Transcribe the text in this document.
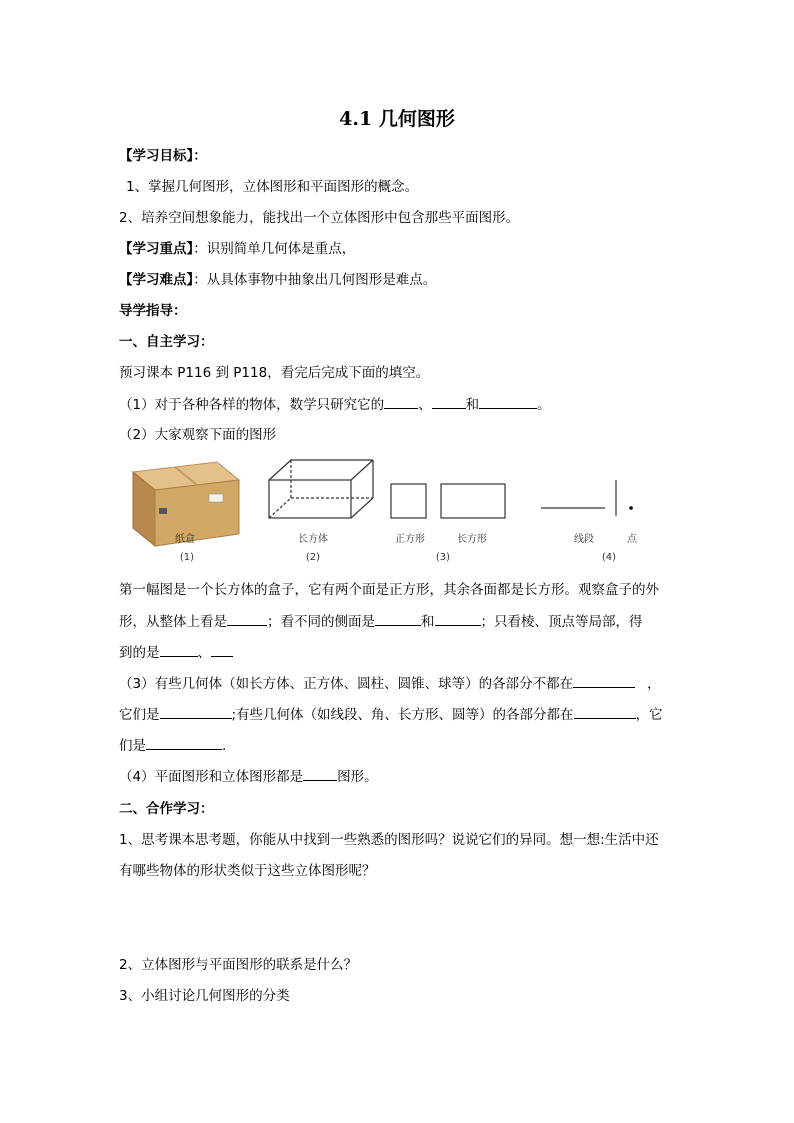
4.1 几何图形
【学习目标】：
1、掌握几何图形，立体图形和平面图形的概念。
2、培养空间想象能力，能找出一个立体图形中包含那些平面图形。
【学习重点】：识别简单几何体是重点，
【学习难点】：从具体事物中抽象出几何图形是难点。
导学指导：
一、自主学习：
预习课本 P116 到 P118，看完后完成下面的填空。
（1）对于各种各样的物体，数学只研究它的	、	和	。
（2）大家观察下面的图形
纸盒	长方体	正方形	长方形	线段	点
(1)	(2)	(3)	(4)
第一幅图是一个长方体的盒子，它有两个面是正方形，其余各面都是长方形。观察盒子的外
形，从整体上看是	；看不同的侧面是	和	；只看棱、顶点等局部，得
到的是	、
（3）有些几何体（如长方体、正方体、圆柱、圆锥、球等）的各部分不都在	，
它们是	;有些几何体（如线段、角、长方形、圆等）的各部分都在	，它
们是	.
（4）平面图形和立体图形都是	图形。
二、合作学习：
1、思考课本思考题，你能从中找到一些熟悉的图形吗？说说它们的异同。想一想:生活中还
有哪些物体的形状类似于这些立体图形呢？
2、立体图形与平面图形的联系是什么？
3、小组讨论几何图形的分类
